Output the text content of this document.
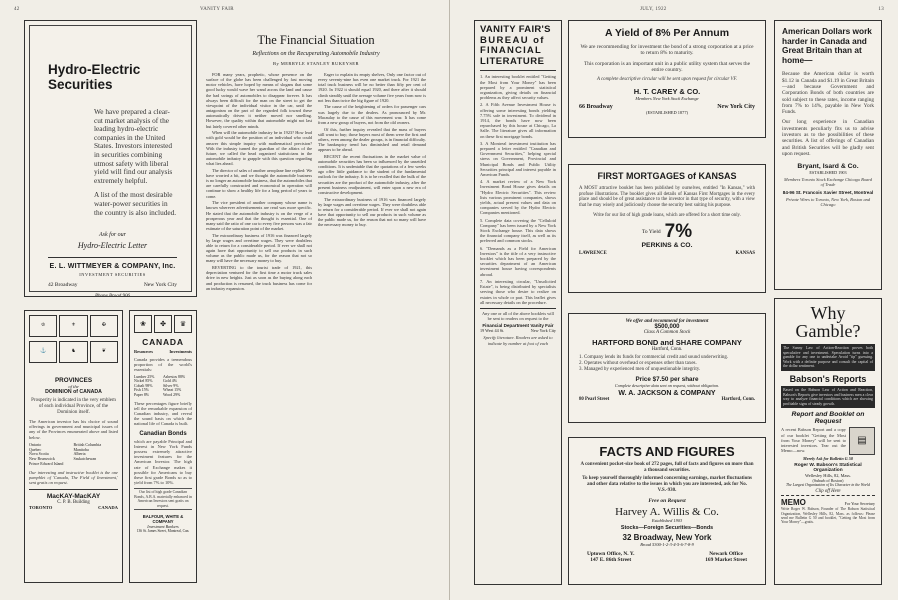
42	VANITY FAIR
Hydro-Electric Securities
We have prepared a clear-cut market analysis of the leading hydro-electric companies in the United States. Investors interested in securities combining utmost safety with liberal yield will find our analysis extremely helpful.
A list of the most desirable water-power securities in the country is also included.
Ask for our
Hydro-Electric Letter
E. L. WITTMEYER & COMPANY, Inc.
INVESTMENT SECURITIES
42 Broadway	New York City
Phone Broad 906
The Financial Situation
Reflections on the Recuperating Automobile Industry
By MERRYLE STANLEY RUKEYSER

FOR many years, prophetic, whose presence on the surface of the globe has been challenged by fast moving motor vehicles, have hoped by means of slogans that some good lucky would wave her wand across the land and cause the bad swings of automobiles to disappear forever. It has always been difficult for the man on the street to get the viewpoint of the individual visitor in the car, until the antagonism on the part of the regarded folk toward these automatically driven it neither moved nor smelling. However, the quality within that automobile might not last but lately covered other minds.

When will the automobile industry be in 1923? How lead with gold would be the position of an individual who could answer this simple inquiry with mathematical precision? With the industry turned the guardian of the affairs of the future, we called the head organized statisticians in the automobile industry to grapple with this question regarding what lies ahead.

The director of sales of another aeroplane line replied: We have worried a bit, and we thought the automobile business is no longer an automobile business, that the automobiles that are carefully constructed and economical in operation will continue to show a healthy life for a long period of years to come.

The vice president of another company whose name is known wherever advertisements are read was more specific. He stated that the automobile industry is on the verge of a prosperous year and that the thought is essential. One of many said the ratio of one car to every five persons was a fair estimate of the saturation point of the market.

The extraordinary business of 1916 was financed largely by large wages and overtime wages. They were doubtless able to return for a considerable period. If ever we shall not again have that opportunity to sell our products in such volume as the public made us, for the reason that not so many will have the necessary money to buy.

REVERTING to the tourist trade of 1921, this depreciation ventured for the first time a motor truck sales drive in new heights. Just as soon as the buying along each and production is resumed, the truck business has come for an industry expansion.

Eager to explain its empty shelves, Only one factor out of every seventy-nine has even one market truck. For 1921 the total truck business will be no better than fifty per cent of 1920. In 1922 it should equal 1920, and there after it should climb steadily until the average volume five years from now is not less than twice the big figure of 1920.

The cause of the heightening of orders for passenger cars was largely due to the dealers. As pronounced by Mr. Macaulay to the cause of this movement was: It has come from a new group of buyers, not from the old owners.

Of this, further inquiry revealed that the mass of buyers still want to buy; those buyers most of them were the first and others, even among the dealer groups, is in financial difficulty. The bankruptcy trend has diminished and retail demand appears to be ahead.

RECENT the recent fluctuations in the market value of automobile securities has been so influenced by the unsettled conditions. It is undeniable that the quotations of a few weeks ago offer little guidance to the student of the fundamental outlook for the industry. It is to be recalled that the bulk of the securities are the product of the automobile industry, after the present business readjustment, will enter upon a new era of constructive development.

The extraordinary business of 1916 was financed largely by large wages and overtime wages. They were doubtless able to return for a considerable period. If ever we shall not again have that opportunity to sell our products in such volume as the public made us, for the reason that not so many will have the necessary money to buy.

♔	⚜	✠
⚓	♞	❦
PROVINCES
of the
DOMINION of CANADA
Prosperity is indicated in the very emblem of each individual Province, of the Dominion itself.
The American investor has his choice of sound offerings in government and municipal issues of any of the Provinces enumerated above and listed below.
Ontario	British Columbia
Quebec	Manitoba
Nova Scotia	Alberta
New Brunswick	Saskatchewan
Prince Edward Island
Our interesting and instructive booklet is the one pamphlet of 'Canada, The Field of Investment,' sent gratis on request.
MacKAY-MacKAY
C. P. B. Building
TORONTO	CANADA
❀	✤	♛
CANADA
Resources	Investments
Canada provides a tremendous proportion of the world's essentials:
Lumber 25%	Asbestos 88%
Nickel 85%	Gold 4%
Cobalt 98%	Silver 9%
Fish 15%	Wheat 15%
Paper 8%	Wood 29%
These percentages figure briefly tell the remarkable expansion of Canadian industry, and reveal the sound basis on which the national life of Canada is built.
Canadian Bonds
which are payable Principal and Interest in New York Funds possess extremely attractive investment features for the American Investor. The high rate of Exchange makes it possible for Americans to buy these first grade Bonds so as to yield from 7% to 10%.
Our list of high grade Canadian Bonds, A.B.A. materially enhanced in American Investors sent gratis on request.
BALFOUR, WHITE & COMPANY
Investment Bankers
136 St. James Street, Montreal, Can.
JULY, 1922	13
VANITY FAIR'S
BUREAU of
FINANCIAL
LITERATURE
1. An interesting booklet entitled "Getting the Most from Your Money" has been prepared by a prominent statistical organization, giving details on financial problems as they affect security values.
2. A Fifth Avenue Investment House is offering some interesting bonds yielding 7.75% safe in investment. To dividend in 1914, the bonds have now been repurchased by this house at Chicago, La Salle. The literature gives all information on these first mortgage bonds.
3. A Montreal investment institution has prepared a letter entitled "Canadian and Government Securities," helping special stress on Government, Provincial and Municipal Bonds and Public Utility Securities principal and interest payable in American Funds.
4. A market review of a New York Investment Bond House gives details on "Hydro Electric Securities". This review lists various prominent companies, shows yields, actual present values and data on companies served by the Hydro Electric Companies mentioned.
5. Complete data covering the "Celluloid Company" has been issued by a New York Stock Exchange house. This data shows the financial company itself, as well as its preferred and common stocks.
6. "Demands as a Field for American Investors" is the title of a very instructive booklet which has been prepared by the securities department of an American investment house having correspondents abroad.
7. An interesting circular, "Unsolicited Estate", is being distributed by specialists serving those who desire to realize on estates in whole or part. This leaflet gives all necessary details on the procedure.
Any one or all of the above booklets will be sent to readers on request to the
Financial Department Vanity Fair
19 West 44 St.	New York City
Specify literature. Readers are asked to indicate by number at foot of each
A Yield of 8% Per Annum
We are recommending for investment the bond of a strong corporation at a price to return 8% to maturity.
This corporation is an important unit in a public utility system that serves the entire country.
A complete descriptive circular will be sent upon request for circular VF.
H. T. CAREY & CO.
Members New York Stock Exchange
66 Broadway	New York City
(ESTABLISHED 1877)
FIRST MORTGAGES of KANSAS
A MOST attractive booklet has been published by ourselves, entitled "In Kansas," with profuse illustrations. The booklet gives all details of Kansas First Mortgages in the every place and should be of great assistance to the investor in that type of security, with a view that he may wisely and judiciously choose the security best suiting his purpose.
Write for our list of high grade loans, which are offered for a short time only.
To Yield 7%
PERKINS & CO.
LAWRENCE	KANSAS
We offer and recommend for investment
$500,000
Class A Common Stock
HARTFORD BOND and SHARE COMPANY
Hartford, Conn.
1. Company lends its funds for commercial credit and sound underwriting.
2. Operates without overhead or expenses other than taxes.
3. Managed by experienced men of unquestionable integrity.
Price $7.50 per share
Complete descriptive data sent on request, without obligation.
W. A. JACKSON & COMPANY
80 Pearl Street	Hartford, Conn.
FACTS AND FIGURES
A convenient pocket-size book of 272 pages, full of facts and figures on more than a thousand securities.
To keep yourself thoroughly informed concerning earnings, market fluctuations and other data relative to the issues in which you are interested, ask for No. V.S.-930.
Free on Request
Harvey A. Willis & Co.
Established 1903
Stocks—Foreign Securities—Bonds
32 Broadway, New York
Broad 5300-1-2-3-4-5-6-7-8-9
Uptown Office, N. Y.
147 E. 86th Street
Newark Office
169 Market Street
American Dollars work harder in Canada and Great Britain than at home—
Because the American dollar is worth $1.12 in Canada and $1.19 in Great Britain—and because Government and Corporation Bonds of both countries are sold subject to these rates, income ranging from 7% to 14%, payable in New York Funds.
Our long experience in Canadian investments peculiarly fits us to advise investors as to the possibilities of these securities. A list of offerings of Canadian and British Securities will be gladly sent upon request.
Bryant, Isard & Co.
ESTABLISHED 1903
Members Toronto Stock Exchange Chicago Board of Trade
84-96 St. Francois Xavier Street, Montreal
Private Wires to Toronto, New York, Boston and Chicago
Why
Gamble?
The Sunny Law of Action-Reaction proves both speculative and investment. Speculation turns into a gamble for any one to undertake Avoid "tip" guessing. Work with a definite purpose and consult the capital of the dollar sentiment.
Babson's Reports
Based on the Babson Law of Action and Reaction, Babson's Reports give investors and business men a clear way to analyze financial conditions which are showing profitable signs of steady growth.
Report and Booklet on Request
A recent Babson Report and a copy of our booklet "Getting the Most from Your Money" will be sent to interested investors. Tear out the Memo—now.
▤
Merely Ask for Bulletin G 50
Roger W. Babson's Statistical Organization
Wellesley Hills, 82, Mass.
(Suburb of Boston)
The Largest Organization of Its Character in the World
Clip off Here
MEMO	For Your Secretary
Write Roger W. Babson, Founder of The Babson Statistical Organization, Wellesley Hills, 82, Mass. as follows: Please send me Bulletin G 50 and booklet, "Getting the Most from Your Money"—gratis.
